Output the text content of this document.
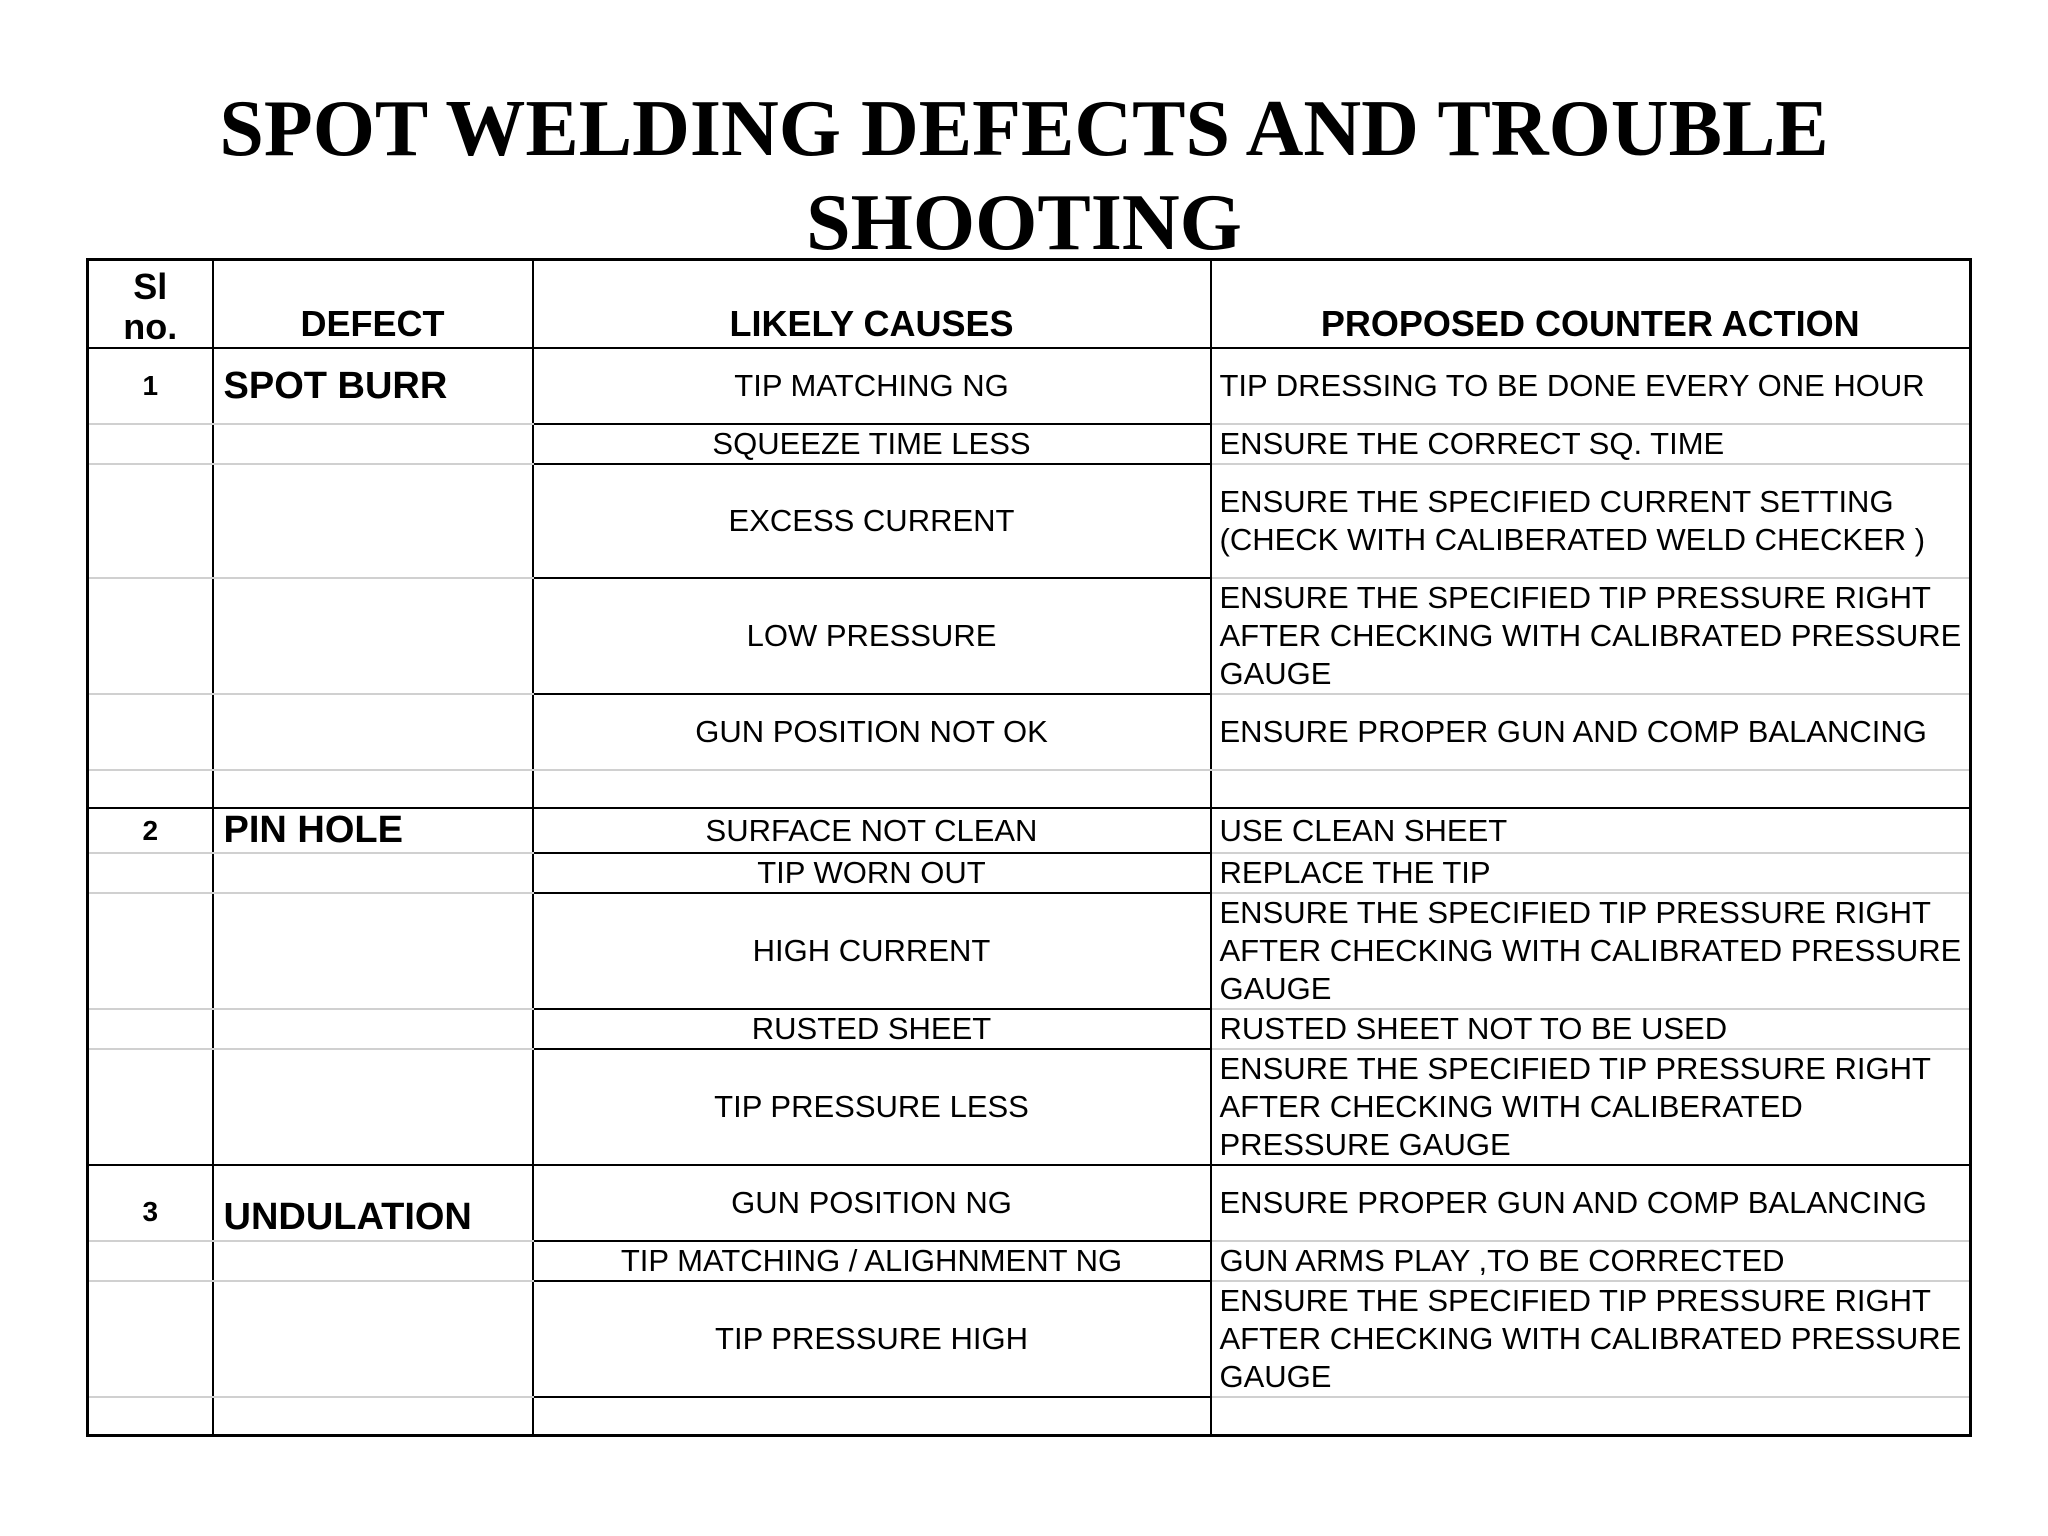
SPOT WELDING DEFECTS AND TROUBLE
SHOOTING
Sl
no.	DEFECT	LIKELY CAUSES	PROPOSED COUNTER ACTION
1	SPOT BURR	TIP MATCHING NG	TIP DRESSING TO BE DONE EVERY ONE HOUR
		SQUEEZE TIME LESS	ENSURE THE CORRECT SQ. TIME
		EXCESS CURRENT	ENSURE THE SPECIFIED CURRENT SETTING (CHECK WITH CALIBERATED WELD CHECKER )
		LOW PRESSURE	ENSURE THE SPECIFIED TIP PRESSURE RIGHT AFTER CHECKING WITH CALIBRATED PRESSURE GAUGE
		GUN POSITION NOT OK	ENSURE PROPER GUN AND COMP BALANCING

2	PIN HOLE	SURFACE NOT CLEAN	USE CLEAN SHEET
		TIP WORN OUT	REPLACE THE TIP
		HIGH CURRENT	ENSURE THE SPECIFIED TIP PRESSURE RIGHT AFTER CHECKING WITH CALIBRATED PRESSURE GAUGE
		RUSTED SHEET	RUSTED SHEET NOT TO BE USED
		TIP PRESSURE LESS	ENSURE THE SPECIFIED TIP PRESSURE RIGHT AFTER CHECKING WITH CALIBERATED PRESSURE GAUGE
3	UNDULATION	GUN POSITION NG	ENSURE PROPER GUN AND COMP BALANCING
		TIP MATCHING / ALIGHNMENT NG	GUN ARMS PLAY ,TO BE CORRECTED
		TIP PRESSURE HIGH	ENSURE THE SPECIFIED TIP PRESSURE RIGHT AFTER CHECKING WITH CALIBRATED PRESSURE GAUGE
